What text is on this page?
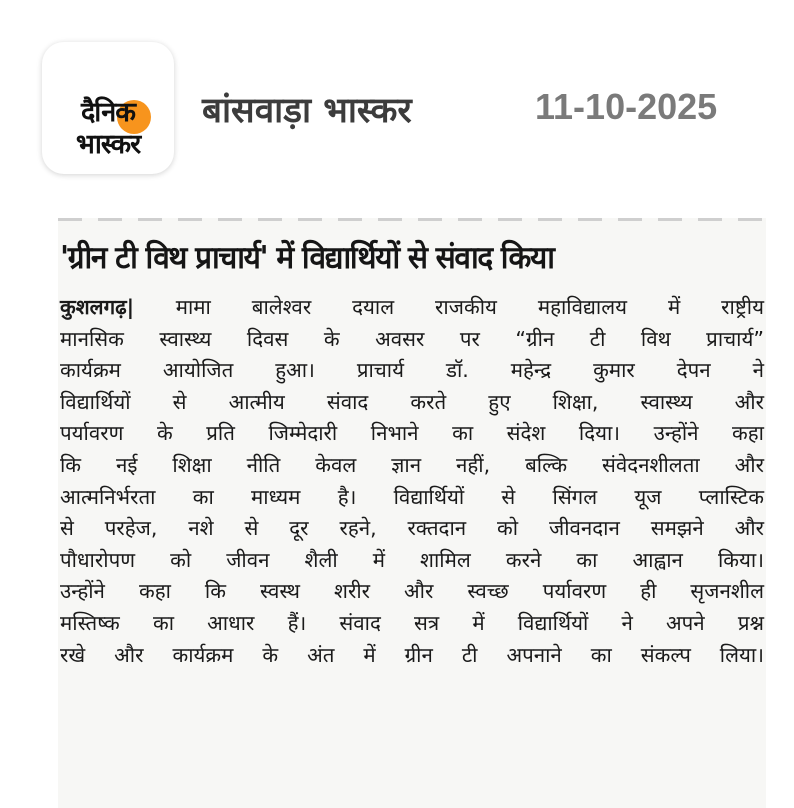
दैनिक
भास्कर
बांसवाड़ा भास्कर	11-10-2025
'ग्रीन टी विथ प्राचार्य' में विद्यार्थियों से संवाद किया
कुशलगढ़| मामा बालेश्वर दयाल राजकीय महाविद्यालय में राष्ट्रीय
मानसिक स्वास्थ्य दिवस के अवसर पर “ग्रीन टी विथ प्राचार्य”
कार्यक्रम आयोजित हुआ। प्राचार्य डॉ. महेन्द्र कुमार देपन ने
विद्यार्थियों से आत्मीय संवाद करते हुए शिक्षा, स्वास्थ्य और
पर्यावरण के प्रति जिम्मेदारी निभाने का संदेश दिया। उन्होंने कहा
कि नई शिक्षा नीति केवल ज्ञान नहीं, बल्कि संवेदनशीलता और
आत्मनिर्भरता का माध्यम है। विद्यार्थियों से सिंगल यूज प्लास्टिक
से परहेज, नशे से दूर रहने, रक्तदान को जीवनदान समझने और
पौधारोपण को जीवन शैली में शामिल करने का आह्वान किया।
उन्होंने कहा कि स्वस्थ शरीर और स्वच्छ पर्यावरण ही सृजनशील
मस्तिष्क का आधार हैं। संवाद सत्र में विद्यार्थियों ने अपने प्रश्न
रखे और कार्यक्रम के अंत में ग्रीन टी अपनाने का संकल्प लिया।
